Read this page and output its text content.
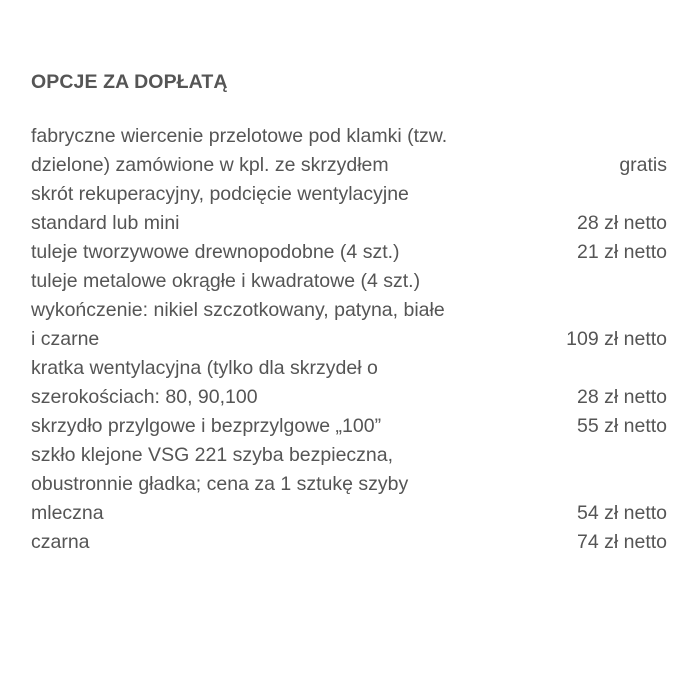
OPCJE ZA DOPŁATĄ
fabryczne wiercenie przelotowe pod klamki (tzw.
dzielone) zamówione w kpl. ze skrzydłem	gratis
skrót rekuperacyjny, podcięcie wentylacyjne
standard lub mini	28 zł netto
tuleje tworzywowe drewnopodobne (4 szt.)	21 zł netto
tuleje metalowe okrągłe i kwadratowe (4 szt.)
wykończenie: nikiel szczotkowany, patyna, białe
i czarne	109 zł netto
kratka wentylacyjna (tylko dla skrzydeł o
szerokościach: 80, 90,100	28 zł netto
skrzydło przylgowe i bezprzylgowe „100”	55 zł netto
szkło klejone VSG 221 szyba bezpieczna,
obustronnie gładka; cena za 1 sztukę szyby
mleczna	54 zł netto
czarna	74 zł netto
